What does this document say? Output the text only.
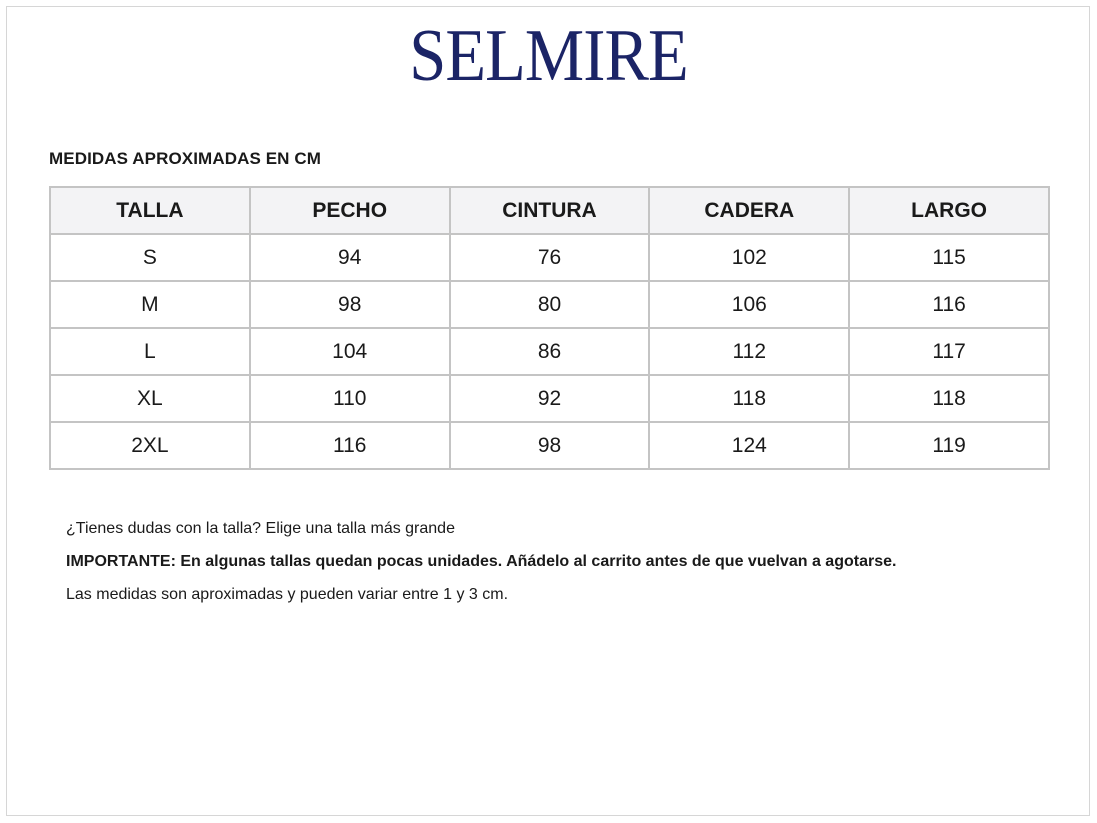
SELMIRE
MEDIDAS APROXIMADAS EN CM
TALLA	PECHO	CINTURA	CADERA	LARGO
S	94	76	102	115
M	98	80	106	116
L	104	86	112	117
XL	110	92	118	118
2XL	116	98	124	119

¿Tienes dudas con la talla? Elige una talla más grande

IMPORTANTE: En algunas tallas quedan pocas unidades. Añádelo al carrito antes de que vuelvan a agotarse.

Las medidas son aproximadas y pueden variar entre 1 y 3 cm.
